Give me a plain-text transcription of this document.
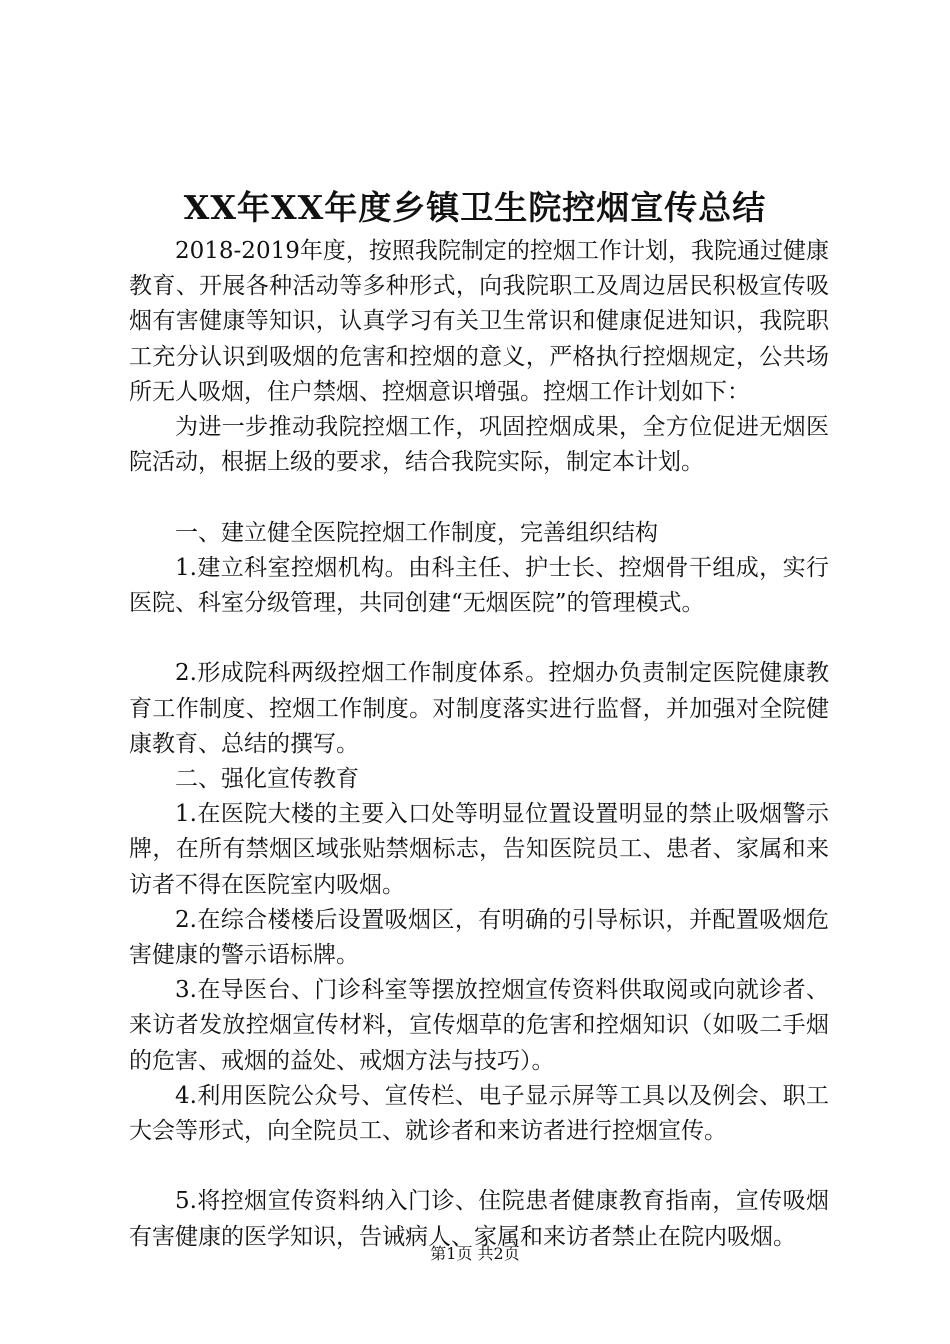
XX年XX年度乡镇卫生院控烟宣传总结

2018-2019年度，按照我院制定的控烟工作计划，我院通过健康教育、开展各种活动等多种形式，向我院职工及周边居民积极宣传吸烟有害健康等知识，认真学习有关卫生常识和健康促进知识，我院职工充分认识到吸烟的危害和控烟的意义，严格执行控烟规定，公共场所无人吸烟，住户禁烟、控烟意识增强。控烟工作计划如下：

为进一步推动我院控烟工作，巩固控烟成果，全方位促进无烟医院活动，根据上级的要求，结合我院实际，制定本计划。

一、建立健全医院控烟工作制度，完善组织结构

1.建立科室控烟机构。由科主任、护士长、控烟骨干组成，实行医院、科室分级管理，共同创建“无烟医院”的管理模式。

2.形成院科两级控烟工作制度体系。控烟办负责制定医院健康教育工作制度、控烟工作制度。对制度落实进行监督，并加强对全院健康教育、总结的撰写。

二、强化宣传教育

1.在医院大楼的主要入口处等明显位置设置明显的禁止吸烟警示牌，在所有禁烟区域张贴禁烟标志，告知医院员工、患者、家属和来访者不得在医院室内吸烟。

2.在综合楼楼后设置吸烟区，有明确的引导标识，并配置吸烟危害健康的警示语标牌。

3.在导医台、门诊科室等摆放控烟宣传资料供取阅或向就诊者、来访者发放控烟宣传材料，宣传烟草的危害和控烟知识（如吸二手烟的危害、戒烟的益处、戒烟方法与技巧）。

4.利用医院公众号、宣传栏、电子显示屏等工具以及例会、职工大会等形式，向全院员工、就诊者和来访者进行控烟宣传。

5.将控烟宣传资料纳入门诊、住院患者健康教育指南，宣传吸烟有害健康的医学知识，告诫病人、家属和来访者禁止在院内吸烟。

第1页 共2页
